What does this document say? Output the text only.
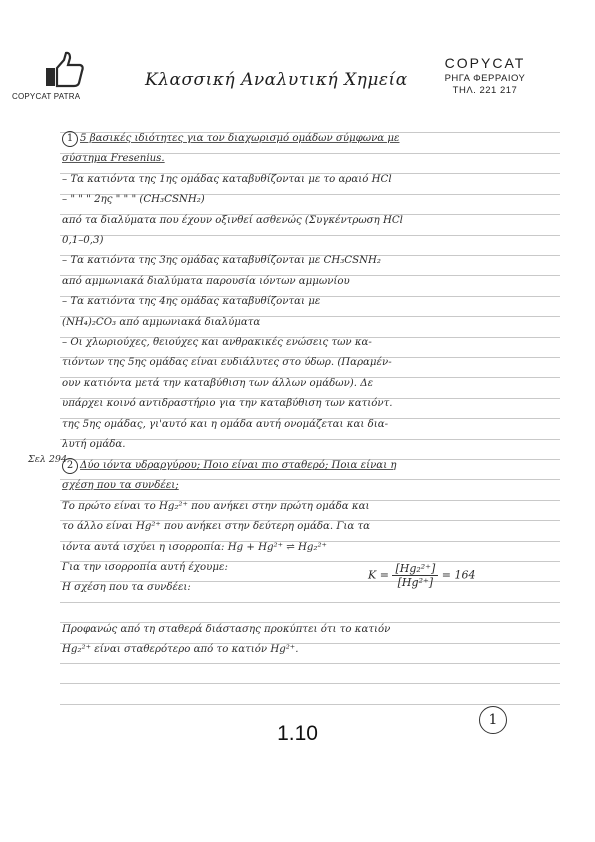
COPYCAT PATRA
Κλασσική Αναλυτική Χημεία
COPYCAT
ΡΗΓΑ ΦΕΡΡΑΙΟΥ
ΤΗΛ. 221 217

1 5 βασικές ιδιότητες για τον διαχωρισμό ομάδων σύμφωνα με

σύστημα Fresenius.

– Τα κατιόντα της 1ης ομάδας καταβυθίζονται με το αραιό HCl

– " " " 2ης " " " (CH₃CSNH₂)

από τα διαλύματα που έχουν οξινθεί ασθενώς (Συγκέντρωση HCl

0,1–0,3)

– Τα κατιόντα της 3ης ομάδας καταβυθίζονται με CH₃CSNH₂

από αμμωνιακά διαλύματα παρουσία ιόντων αμμωνίου

– Τα κατιόντα της 4ης ομάδας καταβυθίζονται με

(NH₄)₂CO₃ από αμμωνιακά διαλύματα

– Οι χλωριούχες, θειούχες και ανθρακικές ενώσεις των κα-

τιόντων της 5ης ομάδας είναι ευδιάλυτες στο ύδωρ. (Παραμέν-

ουν κατιόντα μετά την καταβύθιση των άλλων ομάδων). Δε

υπάρχει κοινό αντιδραστήριο για την καταβύθιση των κατιόντ.

της 5ης ομάδας, γι'αυτό και η ομάδα αυτή ονομάζεται και δια-

λυτή ομάδα.

Σελ 294

2 Δύο ιόντα υδραργύρου; Ποιο είναι πιο σταθερό; Ποια είναι η

σχέση που τα συνδέει;

Το πρώτο είναι το Hg₂²⁺ που ανήκει στην πρώτη ομάδα και

το άλλο είναι Hg²⁺ που ανήκει στην δεύτερη ομάδα. Για τα

ιόντα αυτά ισχύει η ισορροπία: Hg + Hg²⁺ ⇌ Hg₂²⁺

Για την ισορροπία αυτή έχουμε:

Η σχέση που τα συνδέει:

$K = \frac{\text{[Hg₂²⁺]}}{\text{[Hg²⁺]}} = 164$

Προφανώς από τη σταθερά διάστασης προκύπτει ότι το κατιόν

Hg₂²⁺ είναι σταθερότερο από το κατιόν Hg²⁺.

1
1.10
